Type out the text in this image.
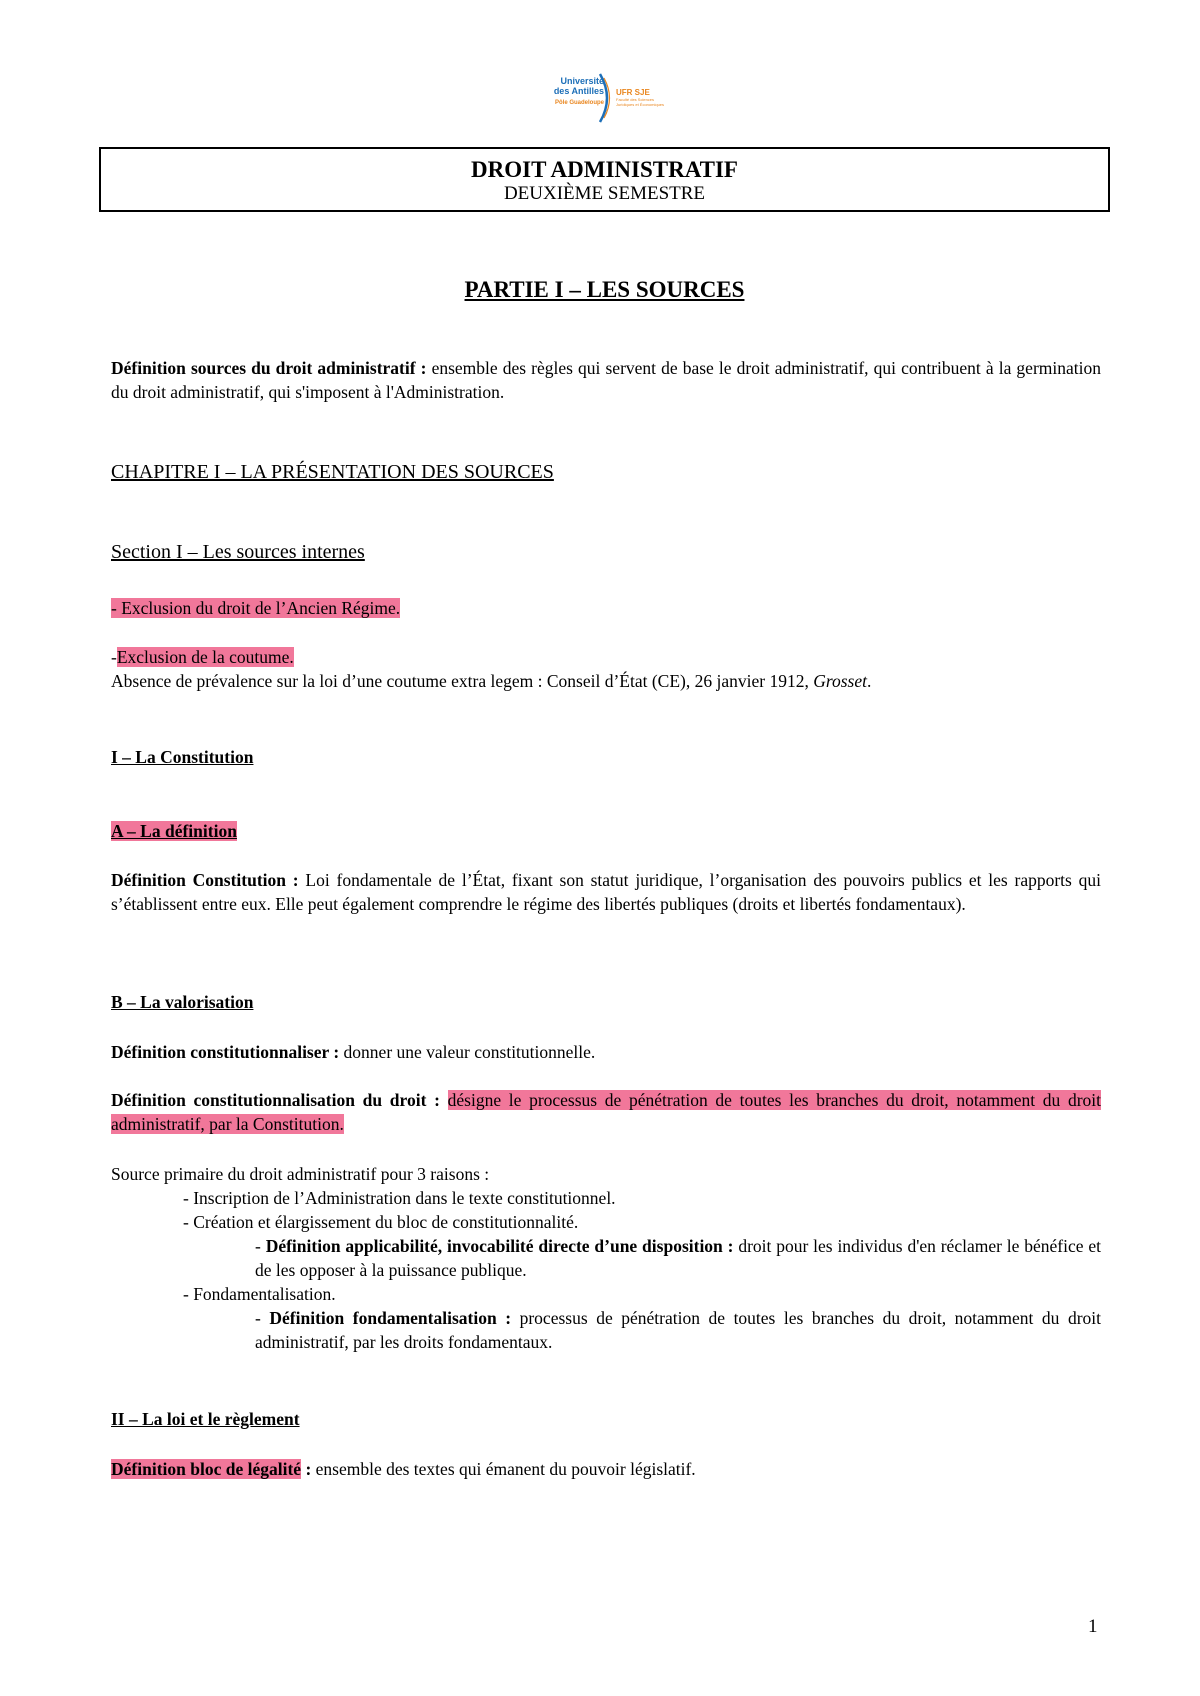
Université
des Antilles
Pôle Guadeloupe
UFR SJE
Faculté des Sciences
Juridiques et Économiques
DROIT ADMINISTRATIF
DEUXIÈME SEMESTRE
PARTIE I – LES SOURCES
Définition sources du droit administratif : ensemble des règles qui servent de base le droit administratif, qui contribuent à la germination du droit administratif, qui s'imposent à l'Administration.
CHAPITRE I – LA PRÉSENTATION DES SOURCES
Section I – Les sources internes
- Exclusion du droit de l’Ancien Régime.
-Exclusion de la coutume.
Absence de prévalence sur la loi d’une coutume extra legem : Conseil d’État (CE), 26 janvier 1912, Grosset.
I – La Constitution
A – La définition
Définition Constitution : Loi fondamentale de l’État, fixant son statut juridique, l’organisation des pouvoirs publics et les rapports qui s’établissent entre eux. Elle peut également comprendre le régime des libertés publiques (droits et libertés fondamentaux).
B – La valorisation
Définition constitutionnaliser : donner une valeur constitutionnelle.
Définition constitutionnalisation du droit : désigne le processus de pénétration de toutes les branches du droit, notamment du droit administratif, par la Constitution.
Source primaire du droit administratif pour 3 raisons :
- Inscription de l’Administration dans le texte constitutionnel.
- Création et élargissement du bloc de constitutionnalité.
- Définition applicabilité, invocabilité directe d’une disposition : droit pour les individus d'en réclamer le bénéfice et de les opposer à la puissance publique.
- Fondamentalisation.
- Définition fondamentalisation : processus de pénétration de toutes les branches du droit, notamment du droit administratif, par les droits fondamentaux.
II – La loi et le règlement
Définition bloc de légalité : ensemble des textes qui émanent du pouvoir législatif.
1
